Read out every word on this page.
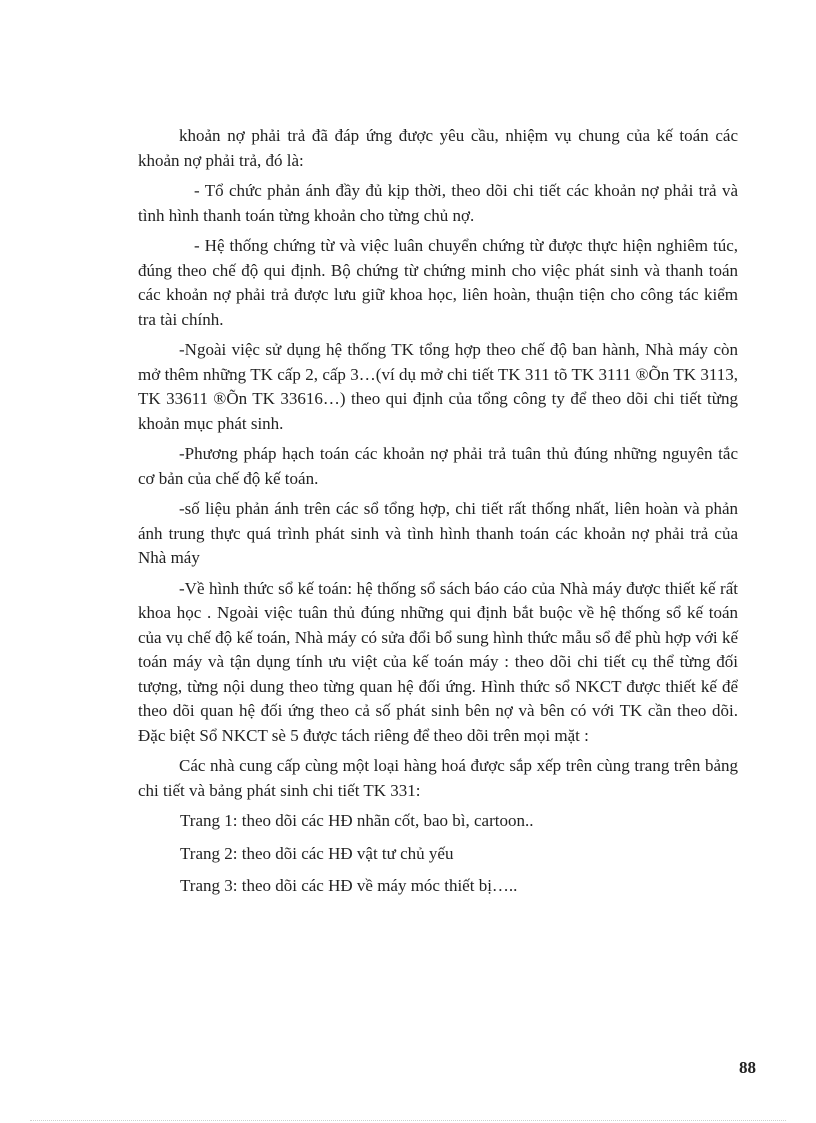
khoản nợ phải trả đã đáp ứng được yêu cầu, nhiệm vụ chung của kế toán các khoản nợ phải trả, đó là:

- Tổ chức phản ánh đầy đủ kịp thời, theo dõi chi tiết các khoản nợ phải trả và tình hình thanh toán từng khoản cho từng chủ nợ.

- Hệ thống chứng từ và việc luân chuyển chứng từ được thực hiện nghiêm túc, đúng theo chế độ qui định. Bộ chứng từ chứng minh cho việc phát sinh và thanh toán các khoản nợ phải trả được lưu giữ khoa học, liên hoàn, thuận tiện cho công tác kiểm tra tài chính.

-Ngoài việc sử dụng hệ thống TK tổng hợp theo chế độ ban hành, Nhà máy còn mở thêm những TK cấp 2, cấp 3…(ví dụ mở chi tiết TK 311 tõ TK 3111 ®Õn TK 3113, TK 33611 ®Õn TK 33616…) theo qui định của tổng công ty để theo dõi chi tiết từng khoản mục phát sinh.

-Phương pháp hạch toán các khoản nợ phải trả tuân thủ đúng những nguyên tắc cơ bản của chế độ kế toán.

-số liệu phản ánh trên các sổ tổng hợp, chi tiết rất thống nhất, liên hoàn và phản ánh trung thực quá trình phát sinh và tình hình thanh toán các khoản nợ phải trả của Nhà máy

-Về hình thức sổ kế toán: hệ thống sổ sách báo cáo của Nhà máy được thiết kế rất khoa học . Ngoài việc tuân thủ đúng những qui định bắt buộc về hệ thống sổ kế toán của vụ chế độ kế toán, Nhà máy có sửa đổi bổ sung hình thức mẫu sổ để phù hợp với kế toán máy và tận dụng tính ưu việt của kế toán máy : theo dõi chi tiết cụ thể từng đối tượng, từng nội dung theo từng quan hệ đối ứng. Hình thức sổ NKCT được thiết kế để theo dõi quan hệ đối ứng theo cả số phát sinh bên nợ và bên có với TK cần theo dõi. Đặc biệt Sổ NKCT sè 5 được tách riêng để theo dõi trên mọi mặt :

Các nhà cung cấp cùng một loại hàng hoá được sắp xếp trên cùng trang trên bảng chi tiết và bảng phát sinh chi tiết TK 331:

Trang 1: theo dõi các HĐ nhãn cốt, bao bì, cartoon..

Trang 2: theo dõi các HĐ vật tư chủ yếu

Trang 3: theo dõi các HĐ về máy móc thiết bị…..

88
